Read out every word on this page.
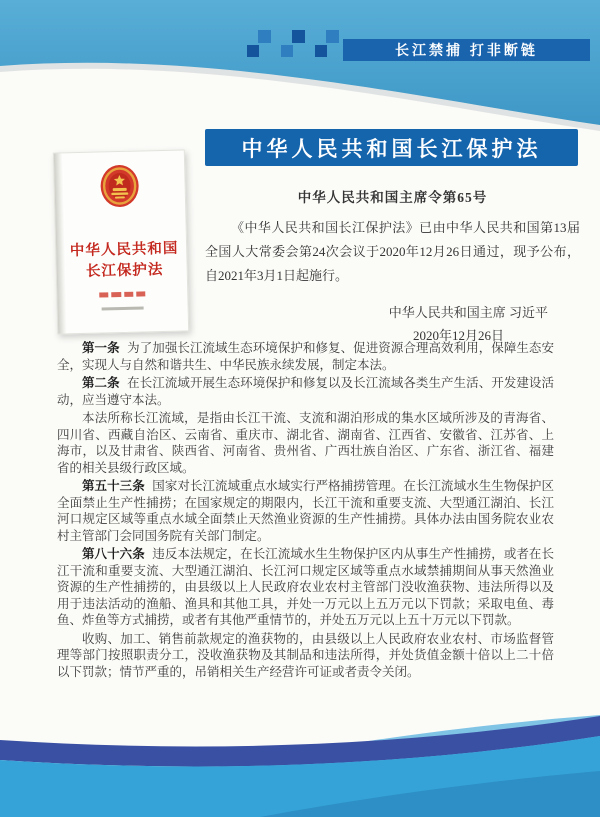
长江禁捕 打非断链
中华人民共和国
长江保护法
中华人民共和国长江保护法

中华人民共和国主席令第65号

《中华人民共和国长江保护法》已由中华人民共和国第13届全国人大常委会第24次会议于2020年12月26日通过，现予公布，自2021年3月1日起施行。

中华人民共和国主席 习近平

2020年12月26日

第一条 为了加强长江流域生态环境保护和修复、促进资源合理高效利用，保障生态安全，实现人与自然和谐共生、中华民族永续发展，制定本法。

第二条 在长江流域开展生态环境保护和修复以及长江流域各类生产生活、开发建设活动，应当遵守本法。

本法所称长江流域，是指由长江干流、支流和湖泊形成的集水区域所涉及的青海省、四川省、西藏自治区、云南省、重庆市、湖北省、湖南省、江西省、安徽省、江苏省、上海市，以及甘肃省、陕西省、河南省、贵州省、广西壮族自治区、广东省、浙江省、福建省的相关县级行政区域。

第五十三条 国家对长江流域重点水域实行严格捕捞管理。在长江流域水生生物保护区全面禁止生产性捕捞；在国家规定的期限内，长江干流和重要支流、大型通江湖泊、长江河口规定区域等重点水域全面禁止天然渔业资源的生产性捕捞。具体办法由国务院农业农村主管部门会同国务院有关部门制定。

第八十六条 违反本法规定，在长江流域水生生物保护区内从事生产性捕捞，或者在长江干流和重要支流、大型通江湖泊、长江河口规定区域等重点水域禁捕期间从事天然渔业资源的生产性捕捞的，由县级以上人民政府农业农村主管部门没收渔获物、违法所得以及用于违法活动的渔船、渔具和其他工具，并处一万元以上五万元以下罚款；采取电鱼、毒鱼、炸鱼等方式捕捞，或者有其他严重情节的，并处五万元以上五十万元以下罚款。

收购、加工、销售前款规定的渔获物的，由县级以上人民政府农业农村、市场监督管理等部门按照职责分工，没收渔获物及其制品和违法所得，并处货值金额十倍以上二十倍以下罚款；情节严重的，吊销相关生产经营许可证或者责令关闭。
